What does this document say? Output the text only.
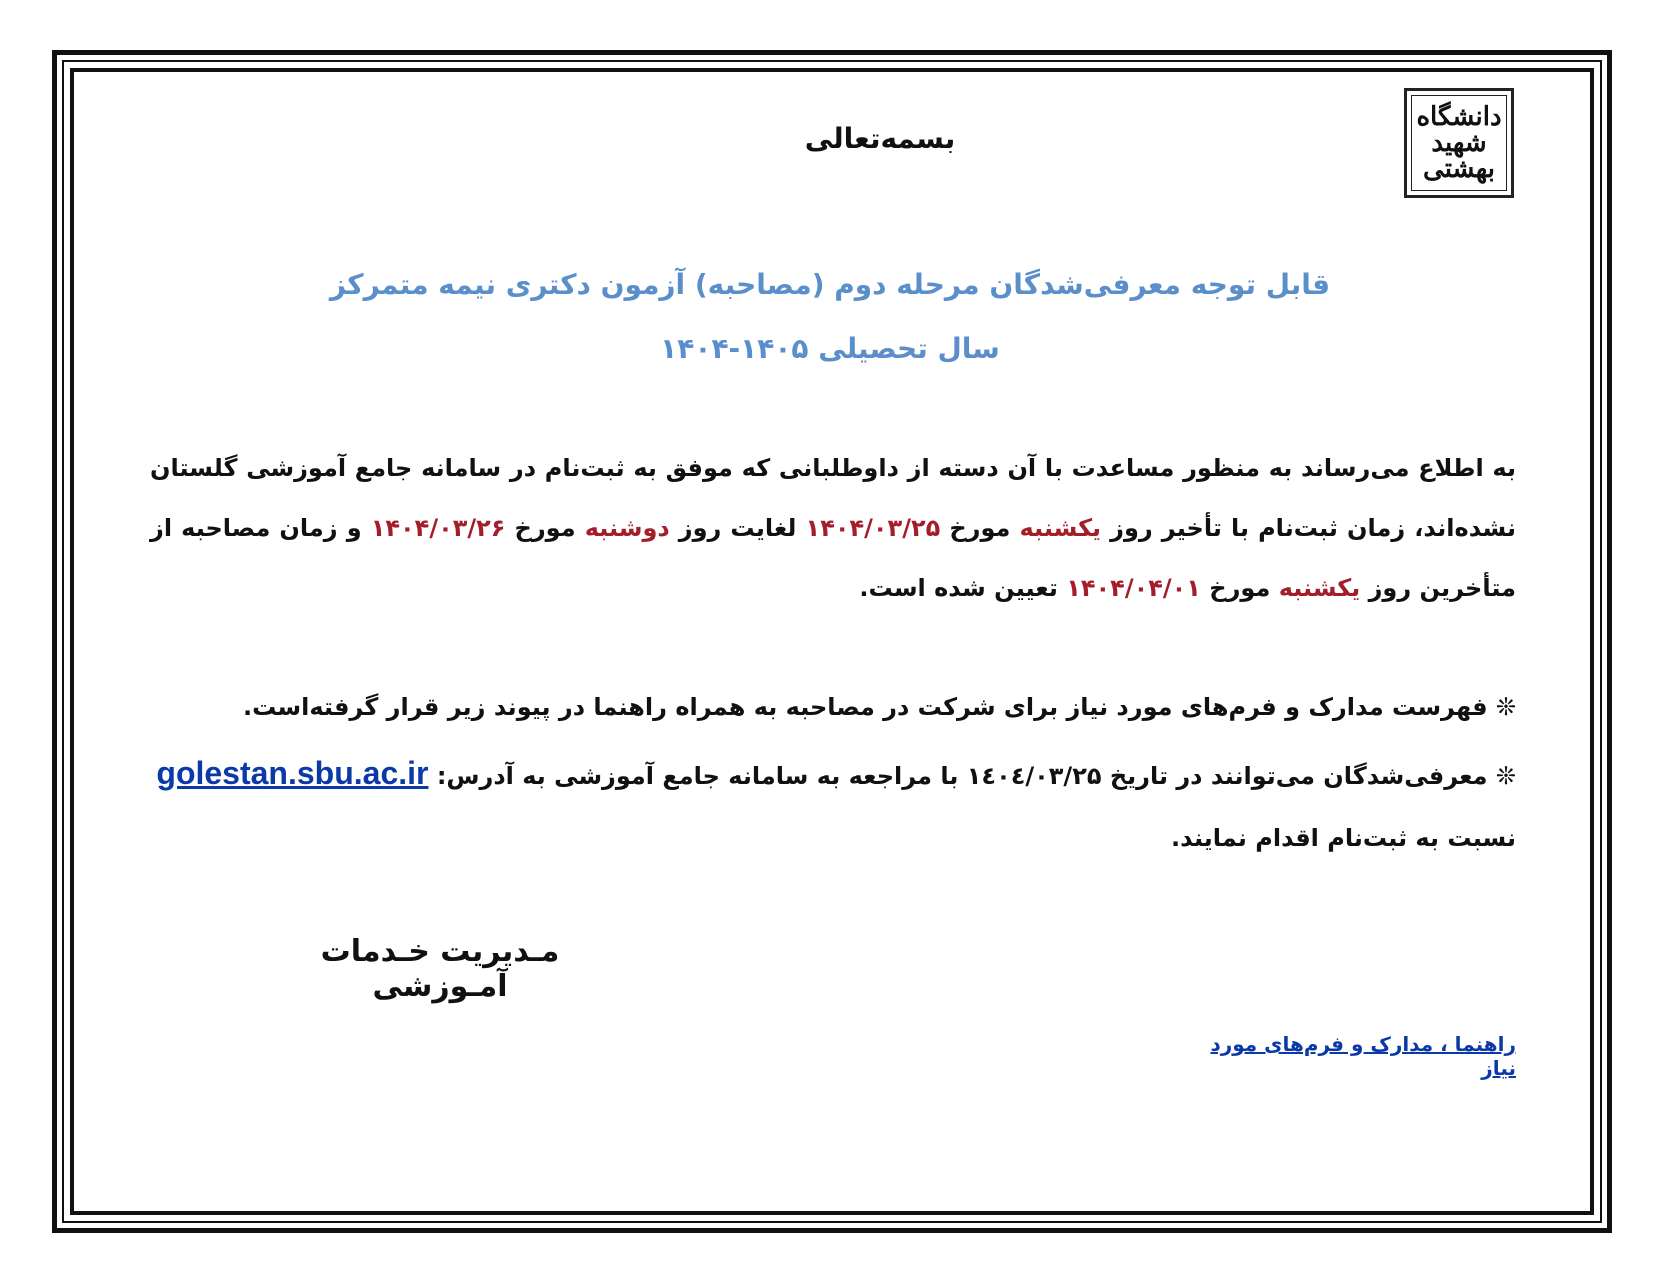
دانشگاه
شهید
بهشتی
بسمه‌تعالی
قابل توجه معرفی‌شدگان مرحله دوم (مصاحبه) آزمون دکتری نیمه متمرکز
سال تحصیلی ۱۴۰۵-۱۴۰۴
به اطلاع می‌رساند به منظور مساعدت با آن دسته از داوطلبانی که موفق به ثبت‌نام در سامانه جامع آموزشی گلستان نشده‌اند، زمان ثبت‌نام با تأخیر روز یکشنبه مورخ ۱۴۰۴/۰۳/۲۵ لغایت روز دوشنبه مورخ ۱۴۰۴/۰۳/۲۶ و زمان مصاحبه از متأخرین روز یکشنبه مورخ ۱۴۰۴/۰۴/۰۱ تعیین شده است.
❊ فهرست مدارک و فرم‌های مورد نیاز برای شرکت در مصاحبه به همراه راهنما در پیوند زیر قرار گرفته‌است.
❊ معرفی‌شدگان می‌توانند در تاریخ ۱٤۰٤/۰۳/۲۵ با مراجعه به سامانه جامع آموزشی به آدرس: golestan.sbu.ac.ir
نسبت به ثبت‌نام اقدام نمایند.
مـدیریت خـدمات آمـوزشی
راهنما ، مدارک و فرم‌های مورد نیاز
